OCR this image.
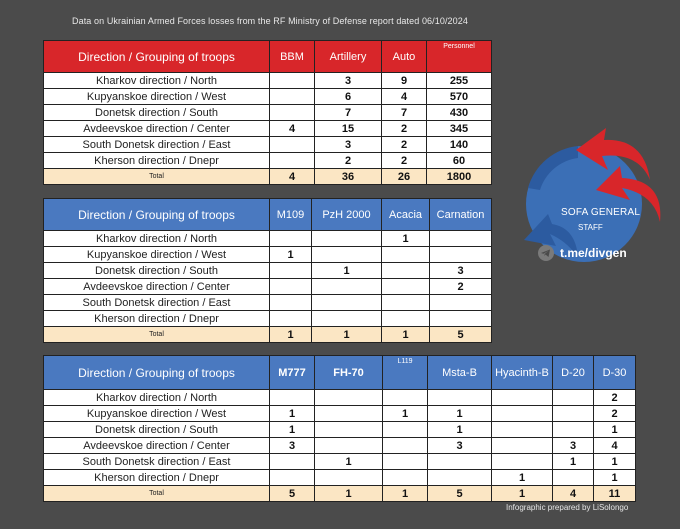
Data on Ukrainian Armed Forces losses from the RF Ministry of Defense report dated 06/10/2024
Direction / Grouping of troops	BBM	Artillery	Auto	Personnel
Kharkov direction / North		3	9	255
Kupyanskoe direction / West		6	4	570
Donetsk direction / South		7	7	430
Avdeevskoe direction / Center	4	15	2	345
South Donetsk direction / East		3	2	140
Kherson direction / Dnepr		2	2	60
Total	4	36	26	1800
Direction / Grouping of troops	M109	PzH 2000	Acacia	Carnation
Kharkov direction / North			1	
Kupyanskoe direction / West	1			
Donetsk direction / South		1		3
Avdeevskoe direction / Center				2
South Donetsk direction / East				
Kherson direction / Dnepr				
Total	1	1	1	5
Direction / Grouping of troops	M777	FH-70	L119	Msta-B	Hyacinth-B	D-20	D-30
Kharkov direction / North							2
Kupyanskoe direction / West	1		1	1			2
Donetsk direction / South	1			1			1
Avdeevskoe direction / Center	3			3		3	4
South Donetsk direction / East		1				1	1
Kherson direction / Dnepr					1		1
Total	5	1	1	5	1	4	11
SOFA GENERAL
STAFF
t.me/divgen
Infographic prepared by LiSolongo
